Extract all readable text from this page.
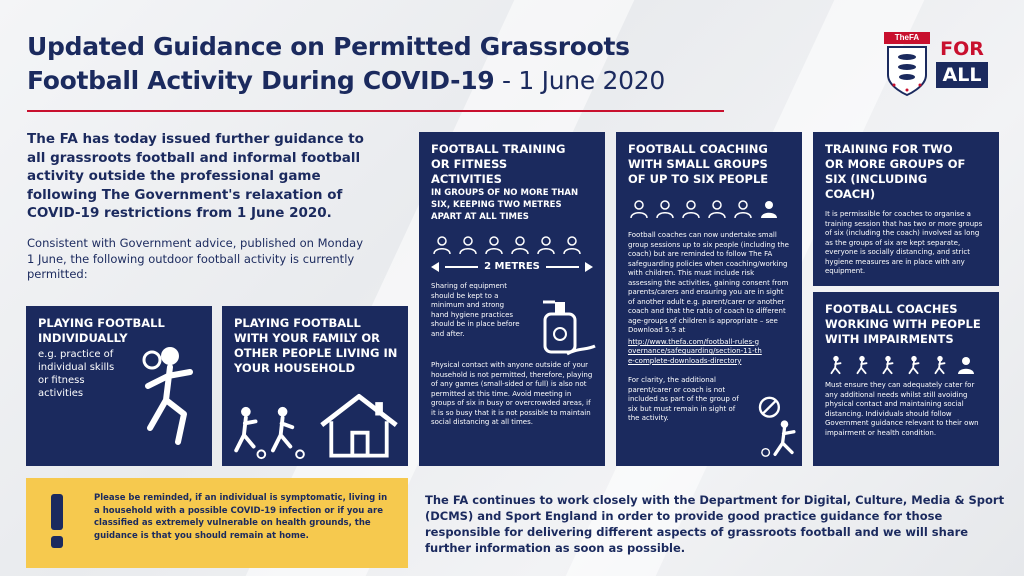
Updated Guidance on Permitted Grassroots
Football Activity During COVID-19 - 1 June 2020
TheFA
FOR
ALL
The FA has today issued further guidance to all grassroots football and informal football activity outside the professional game following The Government's relaxation of COVID-19 restrictions from 1 June 2020.
Consistent with Government advice, published on Monday 1 June, the following outdoor football activity is currently permitted:
PLAYING FOOTBALL INDIVIDUALLY

e.g. practice of individual skills or fitness activities

PLAYING FOOTBALL WITH YOUR FAMILY OR OTHER PEOPLE LIVING IN YOUR HOUSEHOLD
FOOTBALL TRAINING OR FITNESS ACTIVITIES
IN GROUPS OF NO MORE THAN SIX, KEEPING TWO METRES APART AT ALL TIMES
2 METRES

Sharing of equipment should be kept to a minimum and strong hand hygiene practices should be in place before and after.

Physical contact with anyone outside of your household is not permitted, therefore, playing of any games (small-sided or full) is also not permitted at this time. Avoid meeting in groups of six in busy or overcrowded areas, if it is so busy that it is not possible to maintain social distancing at all times.

FOOTBALL COACHING WITH SMALL GROUPS OF UP TO SIX PEOPLE

Football coaches can now undertake small group sessions up to six people (including the coach) but are reminded to follow The FA safeguarding policies when coaching/working with children. This must include risk assessing the activities, gaining consent from parents/carers and ensuring you are in sight of another adult e.g. parent/carer or another coach and that the ratio of coach to different age-groups of children is appropriate – see Download 5.5 at

http://www.thefa.com/football-rules-governance/safeguarding/section-11-the-complete-downloads-directory

For clarity, the additional parent/carer or coach is not included as part of the group of six but must remain in sight of the activity.

TRAINING FOR TWO OR MORE GROUPS OF SIX (INCLUDING COACH)

It is permissible for coaches to organise a training session that has two or more groups of six (including the coach) involved as long as the groups of six are kept separate, everyone is socially distancing, and strict hygiene measures are in place with any equipment.

FOOTBALL COACHES WORKING WITH PEOPLE WITH IMPAIRMENTS

Must ensure they can adequately cater for any additional needs whilst still avoiding physical contact and maintaining social distancing. Individuals should follow Government guidance relevant to their own impairment or health condition.

Please be reminded, if an individual is symptomatic, living in a household with a possible COVID-19 infection or if you are classified as extremely vulnerable on health grounds, the guidance is that you should remain at home.

The FA continues to work closely with the Department for Digital, Culture, Media & Sport (DCMS) and Sport England in order to provide good practice guidance for those responsible for delivering different aspects of grassroots football and we will share further information as soon as possible.
